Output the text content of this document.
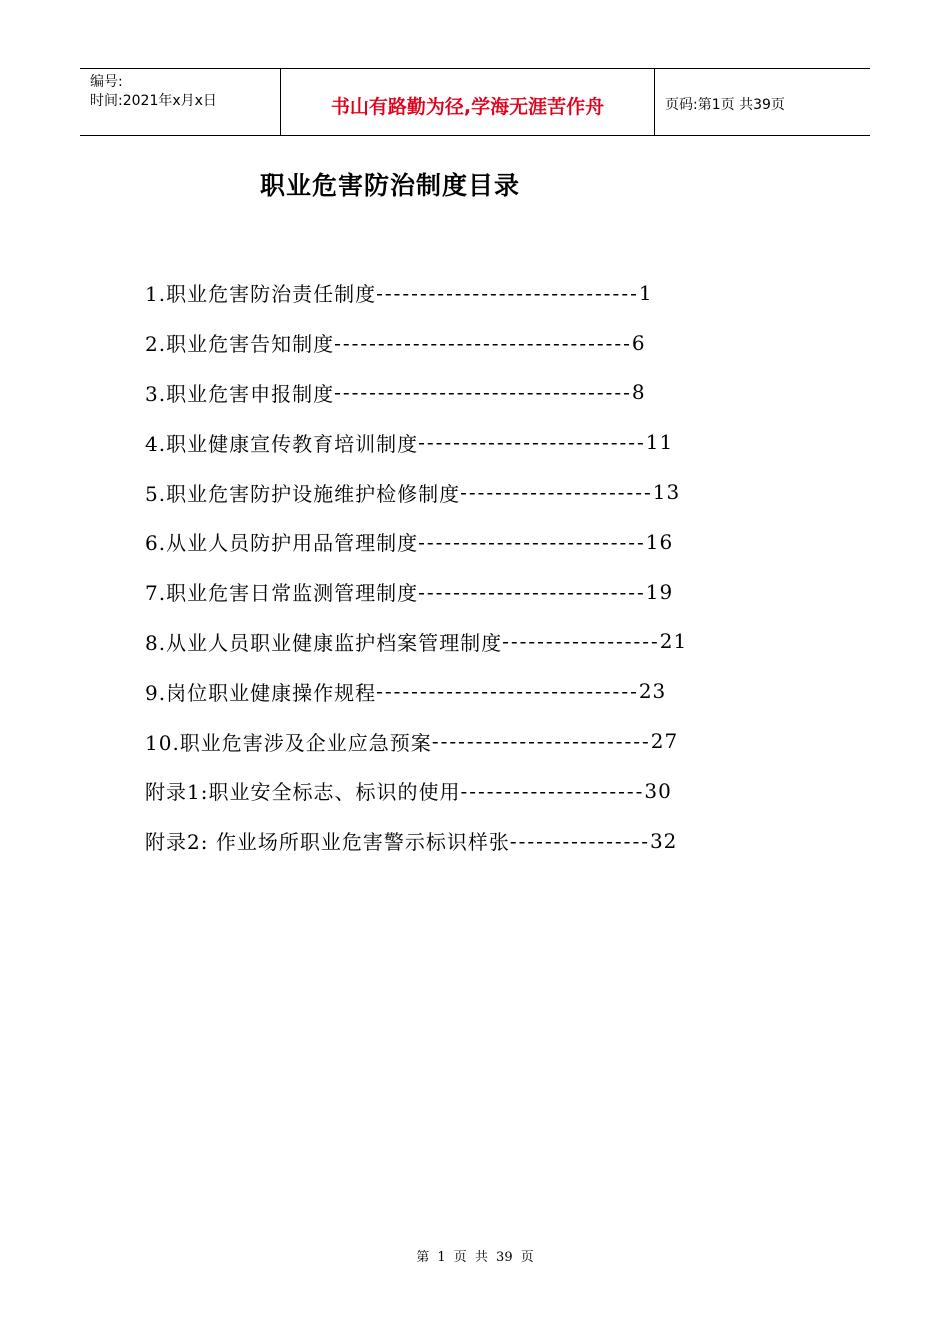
编号:
时间:2021年x月x日	书山有路勤为径,学海无涯苦作舟	页码:第1页 共39页
职业危害防治制度目录
1.职业危害防治责任制度 ------------------------------ 1
2.职业危害告知制度 ---------------------------------- 6
3.职业危害申报制度 ---------------------------------- 8
4.职业健康宣传教育培训制度 -------------------------- 11
5.职业危害防护设施维护检修制度 ---------------------- 13
6.从业人员防护用品管理制度 -------------------------- 16
7.职业危害日常监测管理制度 -------------------------- 19
8.从业人员职业健康监护档案管理制度 ------------------ 21
9.岗位职业健康操作规程 ------------------------------ 23
10.职业危害涉及企业应急预案 ------------------------- 27
附录1:职业安全标志、标识的使用 --------------------- 30
附录2: 作业场所职业危害警示标识样张 ---------------- 32
第 1 页 共 39 页
